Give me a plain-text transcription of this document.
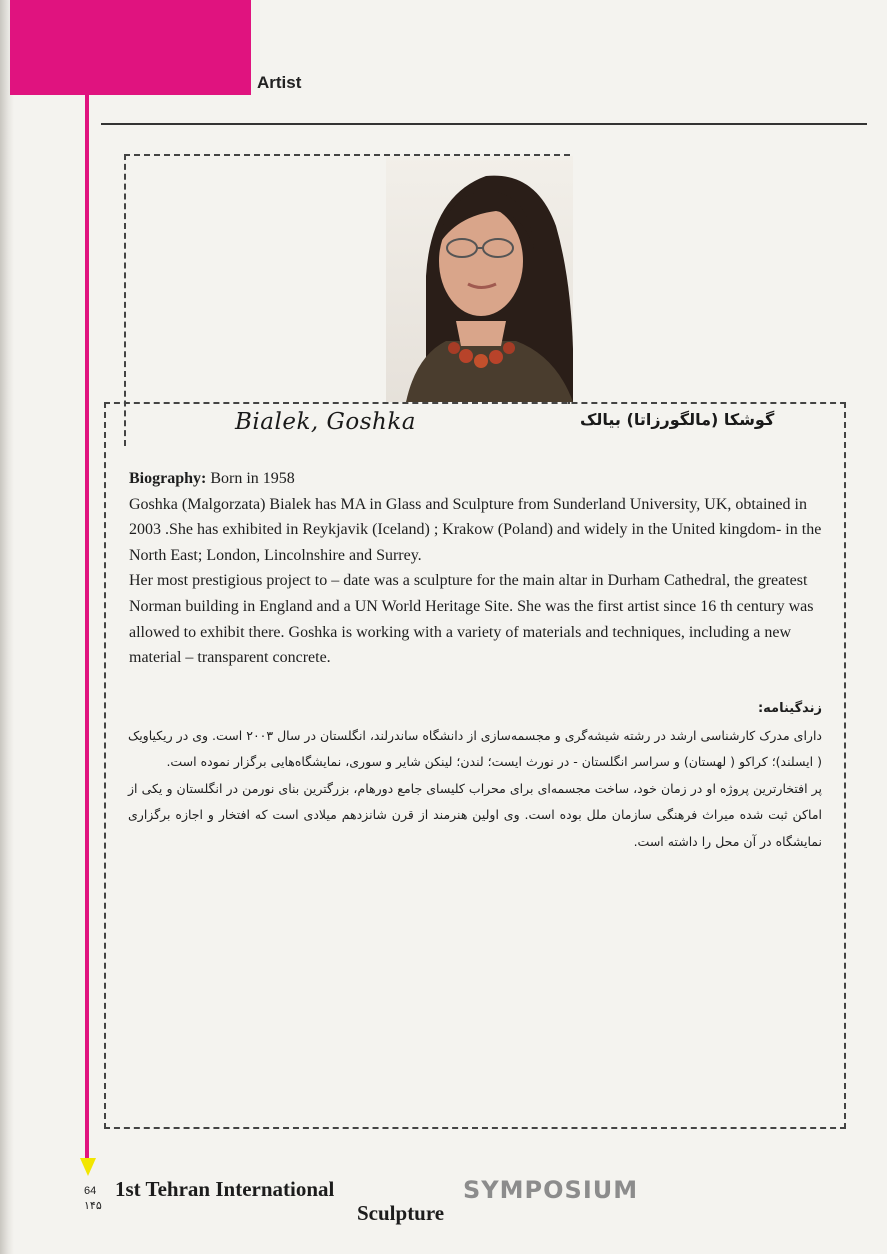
Artist
Bialek, Goshka	گوشکا (مالگورزاتا) بیالک

Biography: Born in 1958

Goshka (Malgorzata) Bialek has MA in Glass and Sculpture from Sunderland University, UK, obtained in 2003 .She has exhibited in Reykjavik (Iceland) ; Krakow (Poland) and widely in the United kingdom- in the North East; London, Lincolnshire and Surrey.

Her most prestigious project to – date was a sculpture for the main altar in Durham Cathedral, the greatest Norman building in England and a UN World Heritage Site. She was the first artist since 16 th century was allowed to exhibit there. Goshka is working with a variety of materials and techniques, including a new material – transparent concrete.

زندگینامه:

دارای مدرک کارشناسی ارشد در رشته شیشه‌گری و مجسمه‌سازی از دانشگاه ساندرلند، انگلستان در سال ۲۰۰۳ است. وی در ریکیاویک ( ایسلند)؛ کراکو ( لهستان) و سراسر انگلستان - در نورث ایست؛ لندن؛ لینکن شایر و سوری، نمایشگاه‌هایی برگزار نموده است.

پر افتخارترین پروژه او در زمان خود، ساخت مجسمه‌ای برای محراب کلیسای جامع دورهام، بزرگترین بنای نورمن در انگلستان و یکی از اماکن ثبت شده میراث فرهنگی سازمان ملل بوده است. وی اولین هنرمند از قرن شانزدهم میلادی است که افتخار و اجازه برگزاری نمایشگاه در آن محل را داشته است.

64
۱۴۵
1st Tehran International
Sculpture
SYMPOSIUM
